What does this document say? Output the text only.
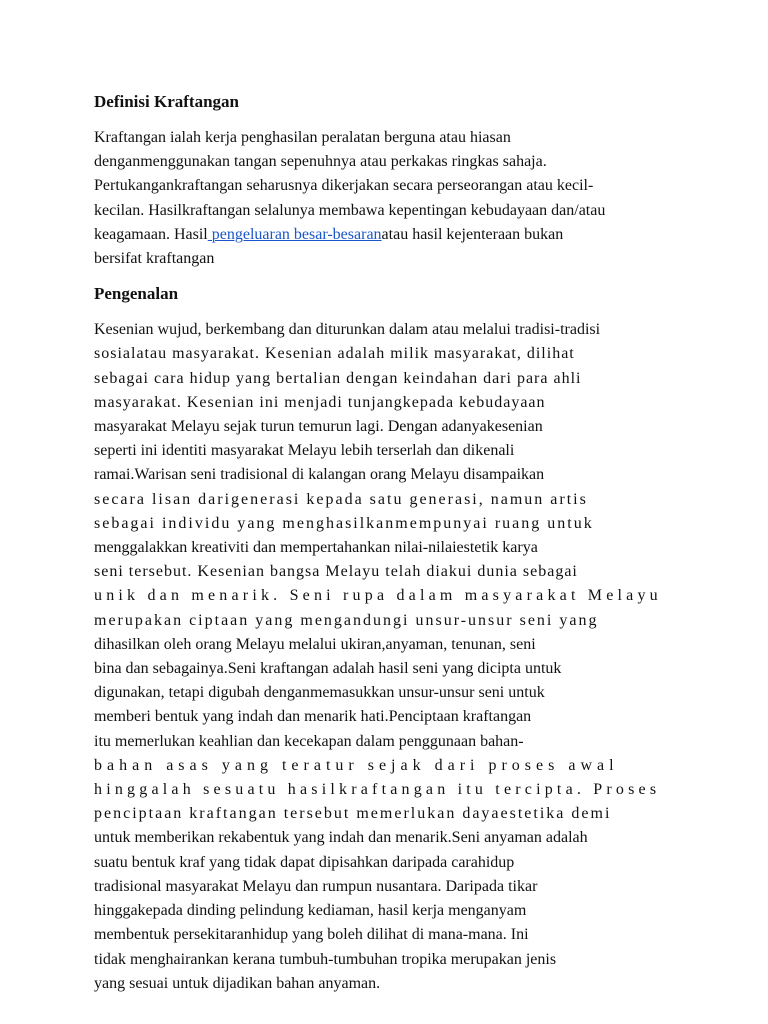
Definisi Kraftangan

Kraftangan ialah kerja penghasilan peralatan berguna atau hiasan
denganmenggunakan tangan sepenuhnya atau perkakas ringkas sahaja.
Pertukangankraftangan seharusnya dikerjakan secara perseorangan atau kecil-
kecilan. Hasilkraftangan selalunya membawa kepentingan kebudayaan dan/atau
keagamaan. Hasil pengeluaran besar-besaranatau hasil kejenteraan bukan
bersifat kraftangan

Pengenalan

Kesenian wujud, berkembang dan diturunkan dalam atau melalui tradisi-tradisi
sosialatau masyarakat. Kesenian adalah milik masyarakat, dilihat
sebagai cara hidup yang bertalian dengan keindahan dari para ahli
masyarakat. Kesenian ini menjadi tunjangkepada kebudayaan
masyarakat Melayu sejak turun temurun lagi. Dengan adanyakesenian
seperti ini identiti masyarakat Melayu lebih terserlah dan dikenali
ramai.Warisan seni tradisional di kalangan orang Melayu disampaikan
secara lisan darigenerasi kepada satu generasi, namun artis
sebagai individu yang menghasilkanmempunyai ruang untuk
menggalakkan kreativiti dan mempertahankan nilai-nilaiestetik karya
seni tersebut. Kesenian bangsa Melayu telah diakui dunia sebagai
unik dan menarik. Seni rupa dalam masyarakat Melayu
merupakan ciptaan yang mengandungi unsur-unsur seni yang
dihasilkan oleh orang Melayu melalui ukiran,anyaman, tenunan, seni
bina dan sebagainya.Seni kraftangan adalah hasil seni yang dicipta untuk
digunakan, tetapi digubah denganmemasukkan unsur-unsur seni untuk
memberi bentuk yang indah dan menarik hati.Penciptaan kraftangan
itu memerlukan keahlian dan kecekapan dalam penggunaan bahan-
bahan asas yang teratur sejak dari proses awal
hinggalah sesuatu hasilkraftangan itu tercipta. Proses
penciptaan kraftangan tersebut memerlukan dayaestetika demi
untuk memberikan rekabentuk yang indah dan menarik.Seni anyaman adalah
suatu bentuk kraf yang tidak dapat dipisahkan daripada carahidup
tradisional masyarakat Melayu dan rumpun nusantara. Daripada tikar
hinggakepada dinding pelindung kediaman, hasil kerja menganyam
membentuk persekitaranhidup yang boleh dilihat di mana-mana. Ini
tidak menghairankan kerana tumbuh-tumbuhan tropika merupakan jenis
yang sesuai untuk dijadikan bahan anyaman.
